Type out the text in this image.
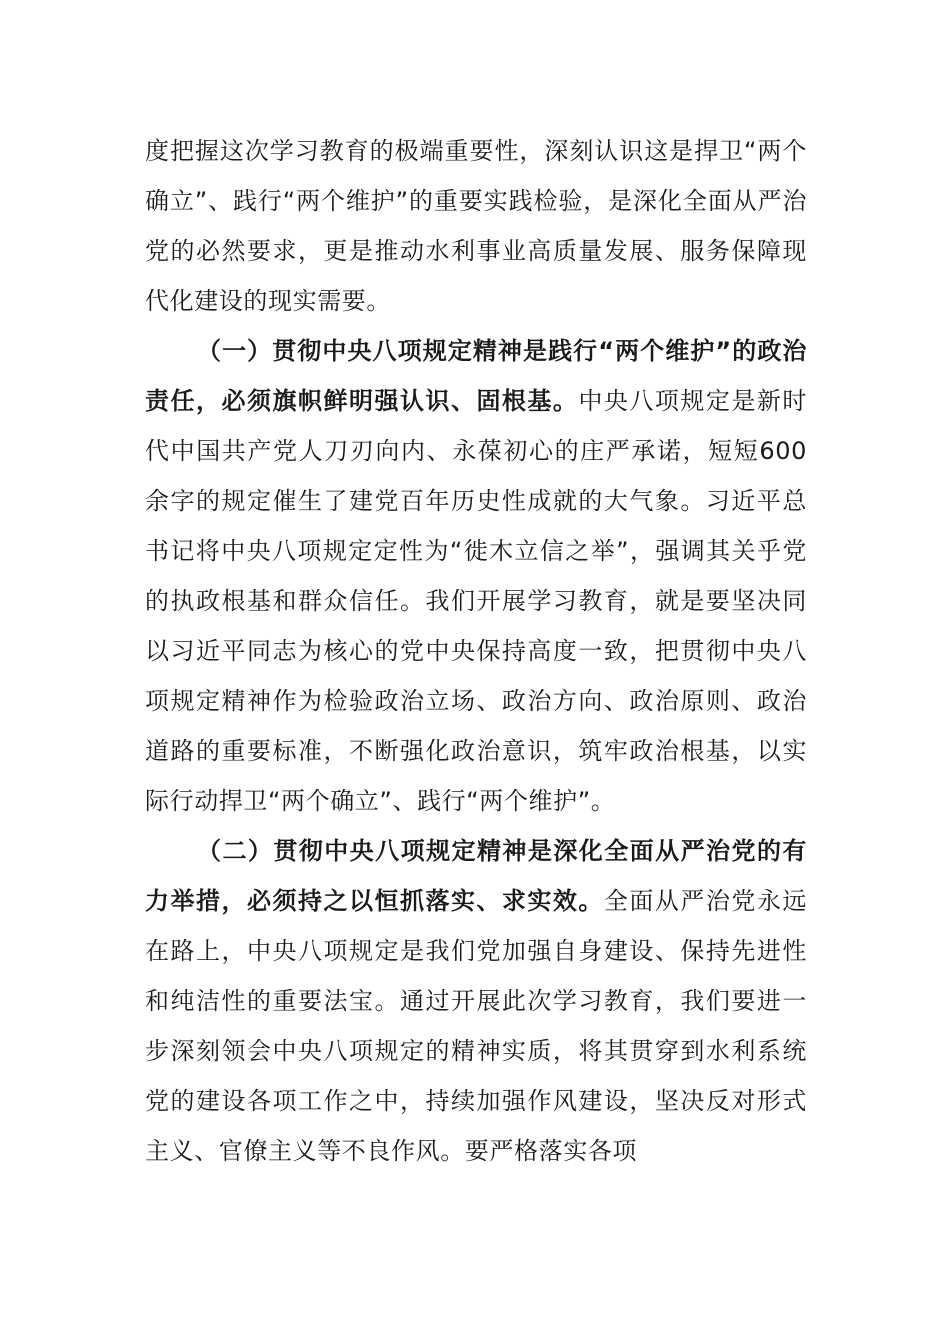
度把握这次学习教育的极端重要性，深刻认识这是捍卫“两个确立”、践行“两个维护”的重要实践检验，是深化全面从严治党的必然要求，更是推动水利事业高质量发展、服务保障现代化建设的现实需要。

（一）贯彻中央八项规定精神是践行“两个维护”的政治责任，必须旗帜鲜明强认识、固根基。中央八项规定是新时代中国共产党人刀刃向内、永葆初心的庄严承诺，短短600余字的规定催生了建党百年历史性成就的大气象。习近平总书记将中央八项规定定性为“徙木立信之举”，强调其关乎党的执政根基和群众信任。我们开展学习教育，就是要坚决同以习近平同志为核心的党中央保持高度一致，把贯彻中央八项规定精神作为检验政治立场、政治方向、政治原则、政治道路的重要标准，不断强化政治意识，筑牢政治根基，以实际行动捍卫“两个确立”、践行“两个维护”。

（二）贯彻中央八项规定精神是深化全面从严治党的有力举措，必须持之以恒抓落实、求实效。全面从严治党永远在路上，中央八项规定是我们党加强自身建设、保持先进性和纯洁性的重要法宝。通过开展此次学习教育，我们要进一步深刻领会中央八项规定的精神实质，将其贯穿到水利系统党的建设各项工作之中，持续加强作风建设，坚决反对形式主义、官僚主义等不良作风。要严格落实各项
